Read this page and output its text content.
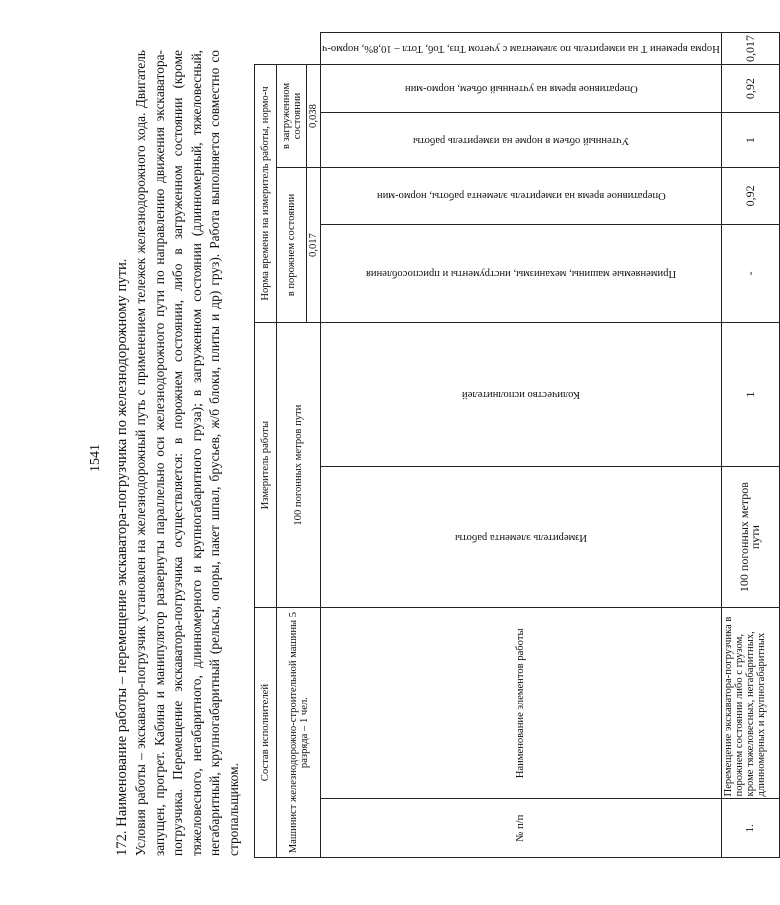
1541 172. Наименование работы – перемещение экскаватора-погрузчика по железнодорожному пути. Условия работы – экскаватор-погрузчик установлен на железнодорожный путь с применением тележек железнодорожного хода. Двигатель запущен, прогрет. Кабина и манипулятор развернуты параллельно оси железнодорожного пути по направлению движения экскаватора-погрузчика. Перемещение экскаватора-погрузчика осуществляется: в порожнем состоянии, либо в загруженном состоянии (кроме тяжеловесного, негабаритного, длинномерного и крупногабаритного груза); в загруженном состоянии (длинномерный, тяжеловесный, негабаритный, крупногабаритный (рельсы, опоры, пакет шпал, брусьев, ж/б блоки, плиты и др) груз). Работа выполняется совместно со стропальщиком.
Состав исполнителей		Измеритель работы		Норма времени на измеритель работы, нормо-ч				
Машинист железнодорожно-строительной машины 5 разряда – 1 чел.		100 погонных метров пути		в порожнем состоянии		в загруженном состоянии		
				0,017		0,038		
№ п/п	Наименование элементов работы	Измеритель элемента работы	Количество исполнителей	Применяемые машины, механизмы, инструменты и приспособления	Оперативное время на измеритель элемента работы, нормо-мин	Учтенный объем в норме на измеритель работы	Оперативное время на учтенный объем, нормо-мин	Норма времени Т на измеритель по элементам с учетом Тпз, Тоб, Тотл – 10,8%, нормо-ч
1.	Перемещение экскаватора-погрузчика в порожнем состоянии либо с грузом, кроме тяжеловесных, негабаритных, длинномерных и крупногабаритных	100 погонных метров пути	1	-	0,92	1	0,92	0,017
